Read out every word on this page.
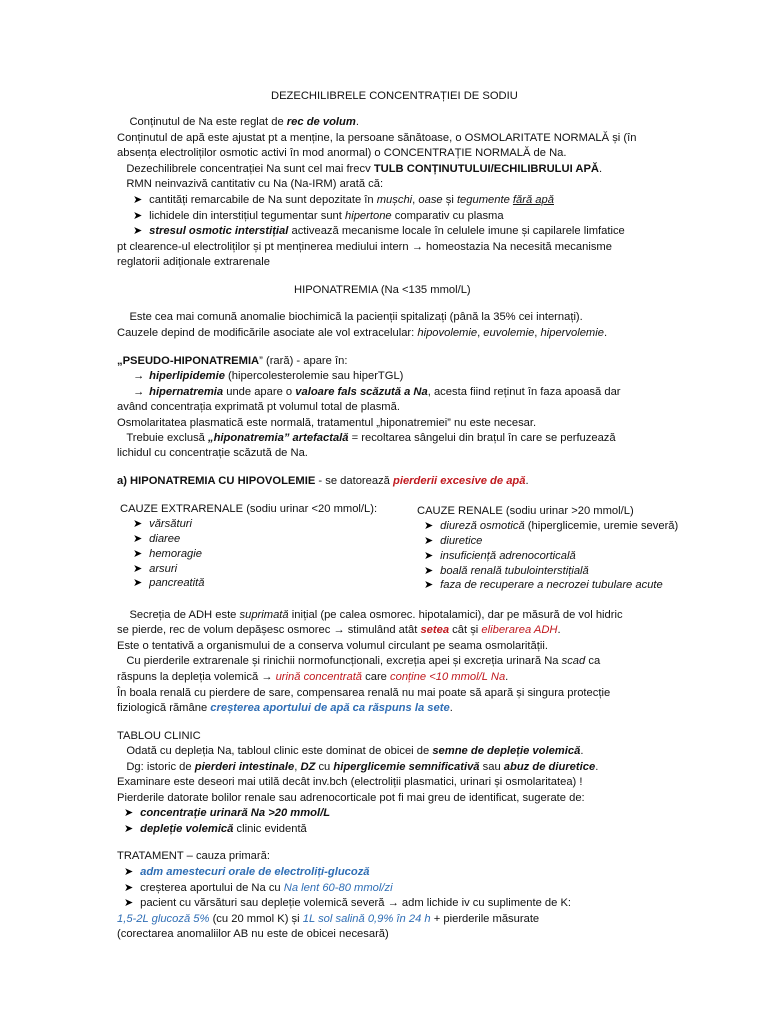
DEZECHILIBRELE CONCENTRAȚIEI DE SODIU
Conținutul de Na este reglat de rec de volum.
Conținutul de apă este ajustat pt a menține, la persoane sănătoase, o OSMOLARITATE NORMALĂ și (în
absența electroliților osmotic activi în mod anormal) o CONCENTRAȚIE NORMALĂ de Na.
Dezechilibrele concentrației Na sunt cel mai frecv TULB CONȚINUTULUI/ECHILIBRULUI APĂ.
RMN neinvazivă cantitativ cu Na (Na-IRM) arată că:
➤ cantități remarcabile de Na sunt depozitate în mușchi, oase și tegumente fără apă
➤ lichidele din interstițiul tegumentar sunt hipertone comparativ cu plasma
➤ stresul osmotic interstițial activează mecanisme locale în celulele imune și capilarele limfatice
pt clearence-ul electroliților și pt menținerea mediului intern → homeostazia Na necesită mecanisme
reglatorii adiționale extrarenale
HIPONATREMIA (Na <135 mmol/L)
Este cea mai comună anomalie biochimică la pacienții spitalizați (până la 35% cei internați).
Cauzele depind de modificările asociate ale vol extracelular: hipovolemie, euvolemie, hipervolemie.
„PSEUDO-HIPONATREMIA” (rară) - apare în:
→ hiperlipidemie (hipercolesterolemie sau hiperTGL)
→ hipernatremia unde apare o valoare fals scăzută a Na, acesta fiind reținut în faza apoasă dar
având concentrația exprimată pt volumul total de plasmă.
Osmolaritatea plasmatică este normală, tratamentul „hiponatremiei” nu este necesar.
Trebuie exclusă „hiponatremia” artefactală = recoltarea sângelui din brațul în care se perfuzează
lichidul cu concentrație scăzută de Na.
a) HIPONATREMIA CU HIPOVOLEMIE - se datorează pierderii excesive de apă.
CAUZE EXTRARENALE (sodiu urinar <20 mmol/L):
➤ vărsături
➤ diaree
➤ hemoragie
➤ arsuri
➤ pancreatită
CAUZE RENALE (sodiu urinar >20 mmol/L)
➤ diureză osmotică (hiperglicemie, uremie severă)
➤ diuretice
➤ insuficiență adrenocorticală
➤ boală renală tubulointerstițială
➤ faza de recuperare a necrozei tubulare acute
Secreția de ADH este suprimată inițial (pe calea osmorec. hipotalamici), dar pe măsură de vol hidric
se pierde, rec de volum depășesc osmorec → stimulând atât setea cât și eliberarea ADH.
Este o tentativă a organismului de a conserva volumul circulant pe seama osmolarității.
Cu pierderile extrarenale și rinichii normofuncționali, excreția apei și excreția urinară Na scad ca
răspuns la depleția volemică → urină concentrată care conține <10 mmol/L Na.
În boala renală cu pierdere de sare, compensarea renală nu mai poate să apară și singura protecție
fiziologică rămâne creșterea aportului de apă ca răspuns la sete.
TABLOU CLINIC
Odată cu depleția Na, tabloul clinic este dominat de obicei de semne de depleție volemică.
Dg: istoric de pierderi intestinale, DZ cu hiperglicemie semnificativă sau abuz de diuretice.
Examinare este deseori mai utilă decât inv.bch (electroliții plasmatici, urinari și osmolaritatea) !
Pierderile datorate bolilor renale sau adrenocorticale pot fi mai greu de identificat, sugerate de:
➤ concentrație urinară Na >20 mmol/L
➤ depleție volemică clinic evidentă
TRATAMENT – cauza primară:
➤ adm amestecuri orale de electroliți-glucoză
➤ creșterea aportului de Na cu Na lent 60-80 mmol/zi
➤ pacient cu vărsături sau depleție volemică severă → adm lichide iv cu suplimente de K:
1,5-2L glucoză 5% (cu 20 mmol K) și 1L sol salină 0,9% în 24 h + pierderile măsurate
(corectarea anomaliilor AB nu este de obicei necesară)
